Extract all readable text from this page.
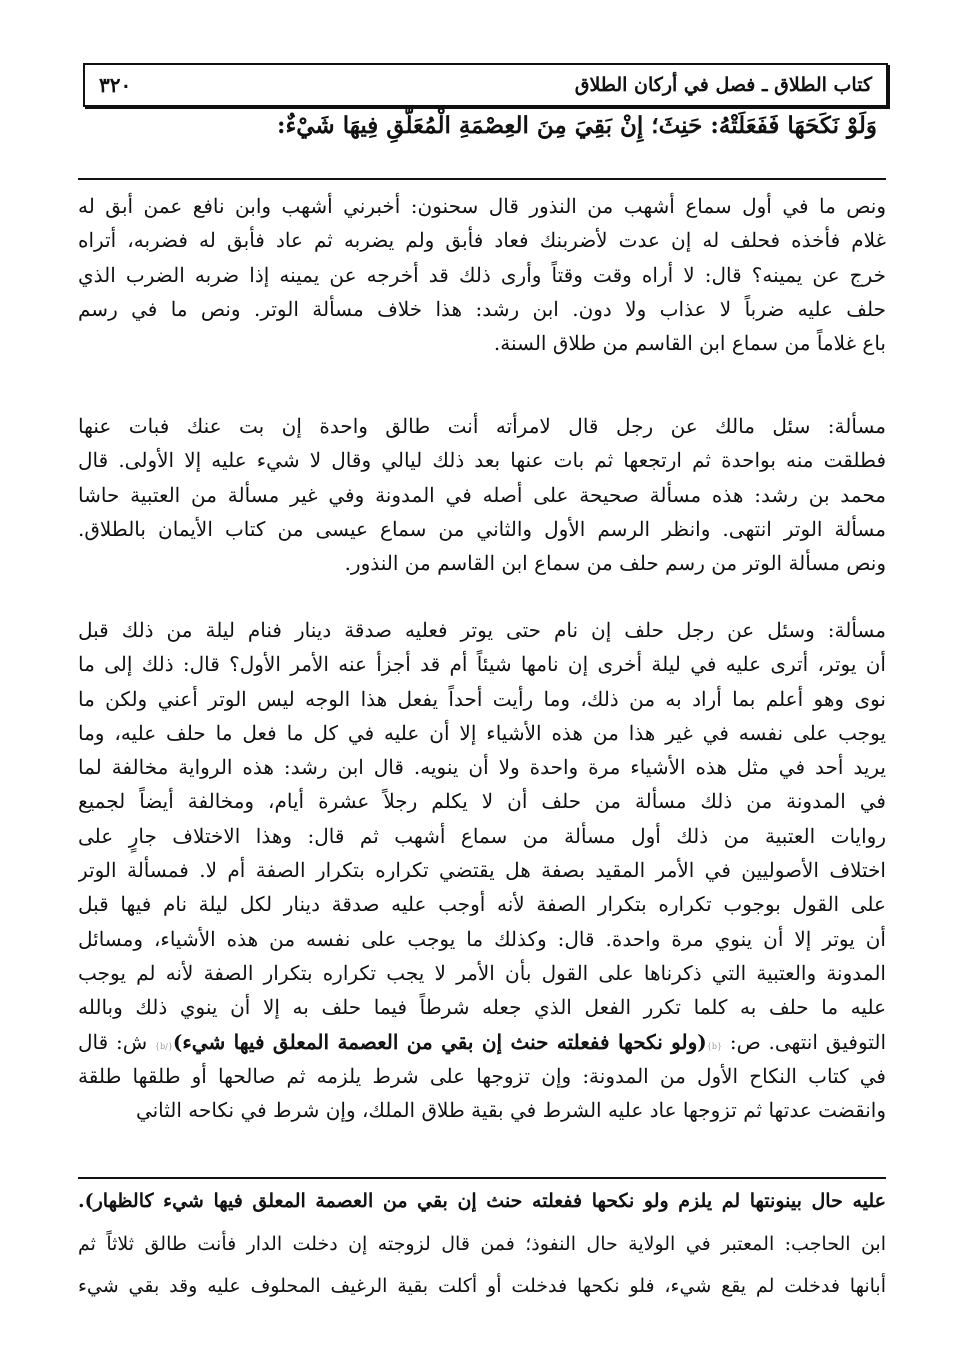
كتاب الطلاق ـ فصل في أركان الطلاق
٣٢٠
وَلَوْ نَكَحَهَا فَفَعَلَتْهُ: حَنِثَ؛ إِنْ بَقِيَ مِنَ العِصْمَةِ الْمُعَلَّقِ فِيهَا شَيْءٌ:
ونص ما في أول سماع أشهب من النذور قال سحنون: أخبرني أشهب وابن نافع عمن أبق له
غلام فأخذه فحلف له إن عدت لأضربنك فعاد فأبق ولم يضربه ثم عاد فأبق له فضربه، أتراه
خرج عن يمينه؟ قال: لا أراه وقت وقتاً وأرى ذلك قد أخرجه عن يمينه إذا ضربه الضرب الذي
حلف عليه ضرباً لا عذاب ولا دون. ابن رشد: هذا خلاف مسألة الوتر. ونص ما في رسم
باع غلاماً من سماع ابن القاسم من طلاق السنة.
مسألة: سئل مالك عن رجل قال لامرأته أنت طالق واحدة إن بت عنك فبات عنها
فطلقت منه بواحدة ثم ارتجعها ثم بات عنها بعد ذلك ليالي وقال لا شيء عليه إلا الأولى. قال
محمد بن رشد: هذه مسألة صحيحة على أصله في المدونة وفي غير مسألة من العتبية حاشا
مسألة الوتر انتهى. وانظر الرسم الأول والثاني من سماع عيسى من كتاب الأيمان بالطلاق.
ونص مسألة الوتر من رسم حلف من سماع ابن القاسم من النذور.
مسألة: وسئل عن رجل حلف إن نام حتى يوتر فعليه صدقة دينار فنام ليلة من ذلك قبل
أن يوتر، أترى عليه في ليلة أخرى إن نامها شيئاً أم قد أجزأ عنه الأمر الأول؟ قال: ذلك إلى ما
نوى وهو أعلم بما أراد به من ذلك، وما رأيت أحداً يفعل هذا الوجه ليس الوتر أعني ولكن ما
يوجب على نفسه في غير هذا من هذه الأشياء إلا أن عليه في كل ما فعل ما حلف عليه، وما
يريد أحد في مثل هذه الأشياء مرة واحدة ولا أن ينويه. قال ابن رشد: هذه الرواية مخالفة لما
في المدونة من ذلك مسألة من حلف أن لا يكلم رجلاً عشرة أيام، ومخالفة أيضاً لجميع
روايات العتبية من ذلك أول مسألة من سماع أشهب ثم قال: وهذا الاختلاف جارٍ على
اختلاف الأصوليين في الأمر المقيد بصفة هل يقتضي تكراره بتكرار الصفة أم لا. فمسألة الوتر
على القول بوجوب تكراره بتكرار الصفة لأنه أوجب عليه صدقة دينار لكل ليلة نام فيها قبل
أن يوتر إلا أن ينوي مرة واحدة. قال: وكذلك ما يوجب على نفسه من هذه الأشياء، ومسائل
المدونة والعتبية التي ذكرناها على القول بأن الأمر لا يجب تكراره بتكرار الصفة لأنه لم يوجب
عليه ما حلف به كلما تكرر الفعل الذي جعله شرطاً فيما حلف به إلا أن ينوي ذلك وبالله
التوفيق انتهى. ص: {b}(ولو نكحها ففعلته حنث إن بقي من العصمة المعلق فيها شيء){/b} ش: قال
في كتاب النكاح الأول من المدونة: وإن تزوجها على شرط يلزمه ثم صالحها أو طلقها طلقة
وانقضت عدتها ثم تزوجها عاد عليه الشرط في بقية طلاق الملك، وإن شرط في نكاحه الثاني
عليه حال بينونتها لم يلزم ولو نكحها ففعلته حنث إن بقي من العصمة المعلق فيها شيء كالظهار).
ابن الحاجب: المعتبر في الولاية حال النفوذ؛ فمن قال لزوجته إن دخلت الدار فأنت طالق ثلاثاً ثم
أبانها فدخلت لم يقع شيء، فلو نكحها فدخلت أو أكلت بقية الرغيف المحلوف عليه وقد بقي شيء
